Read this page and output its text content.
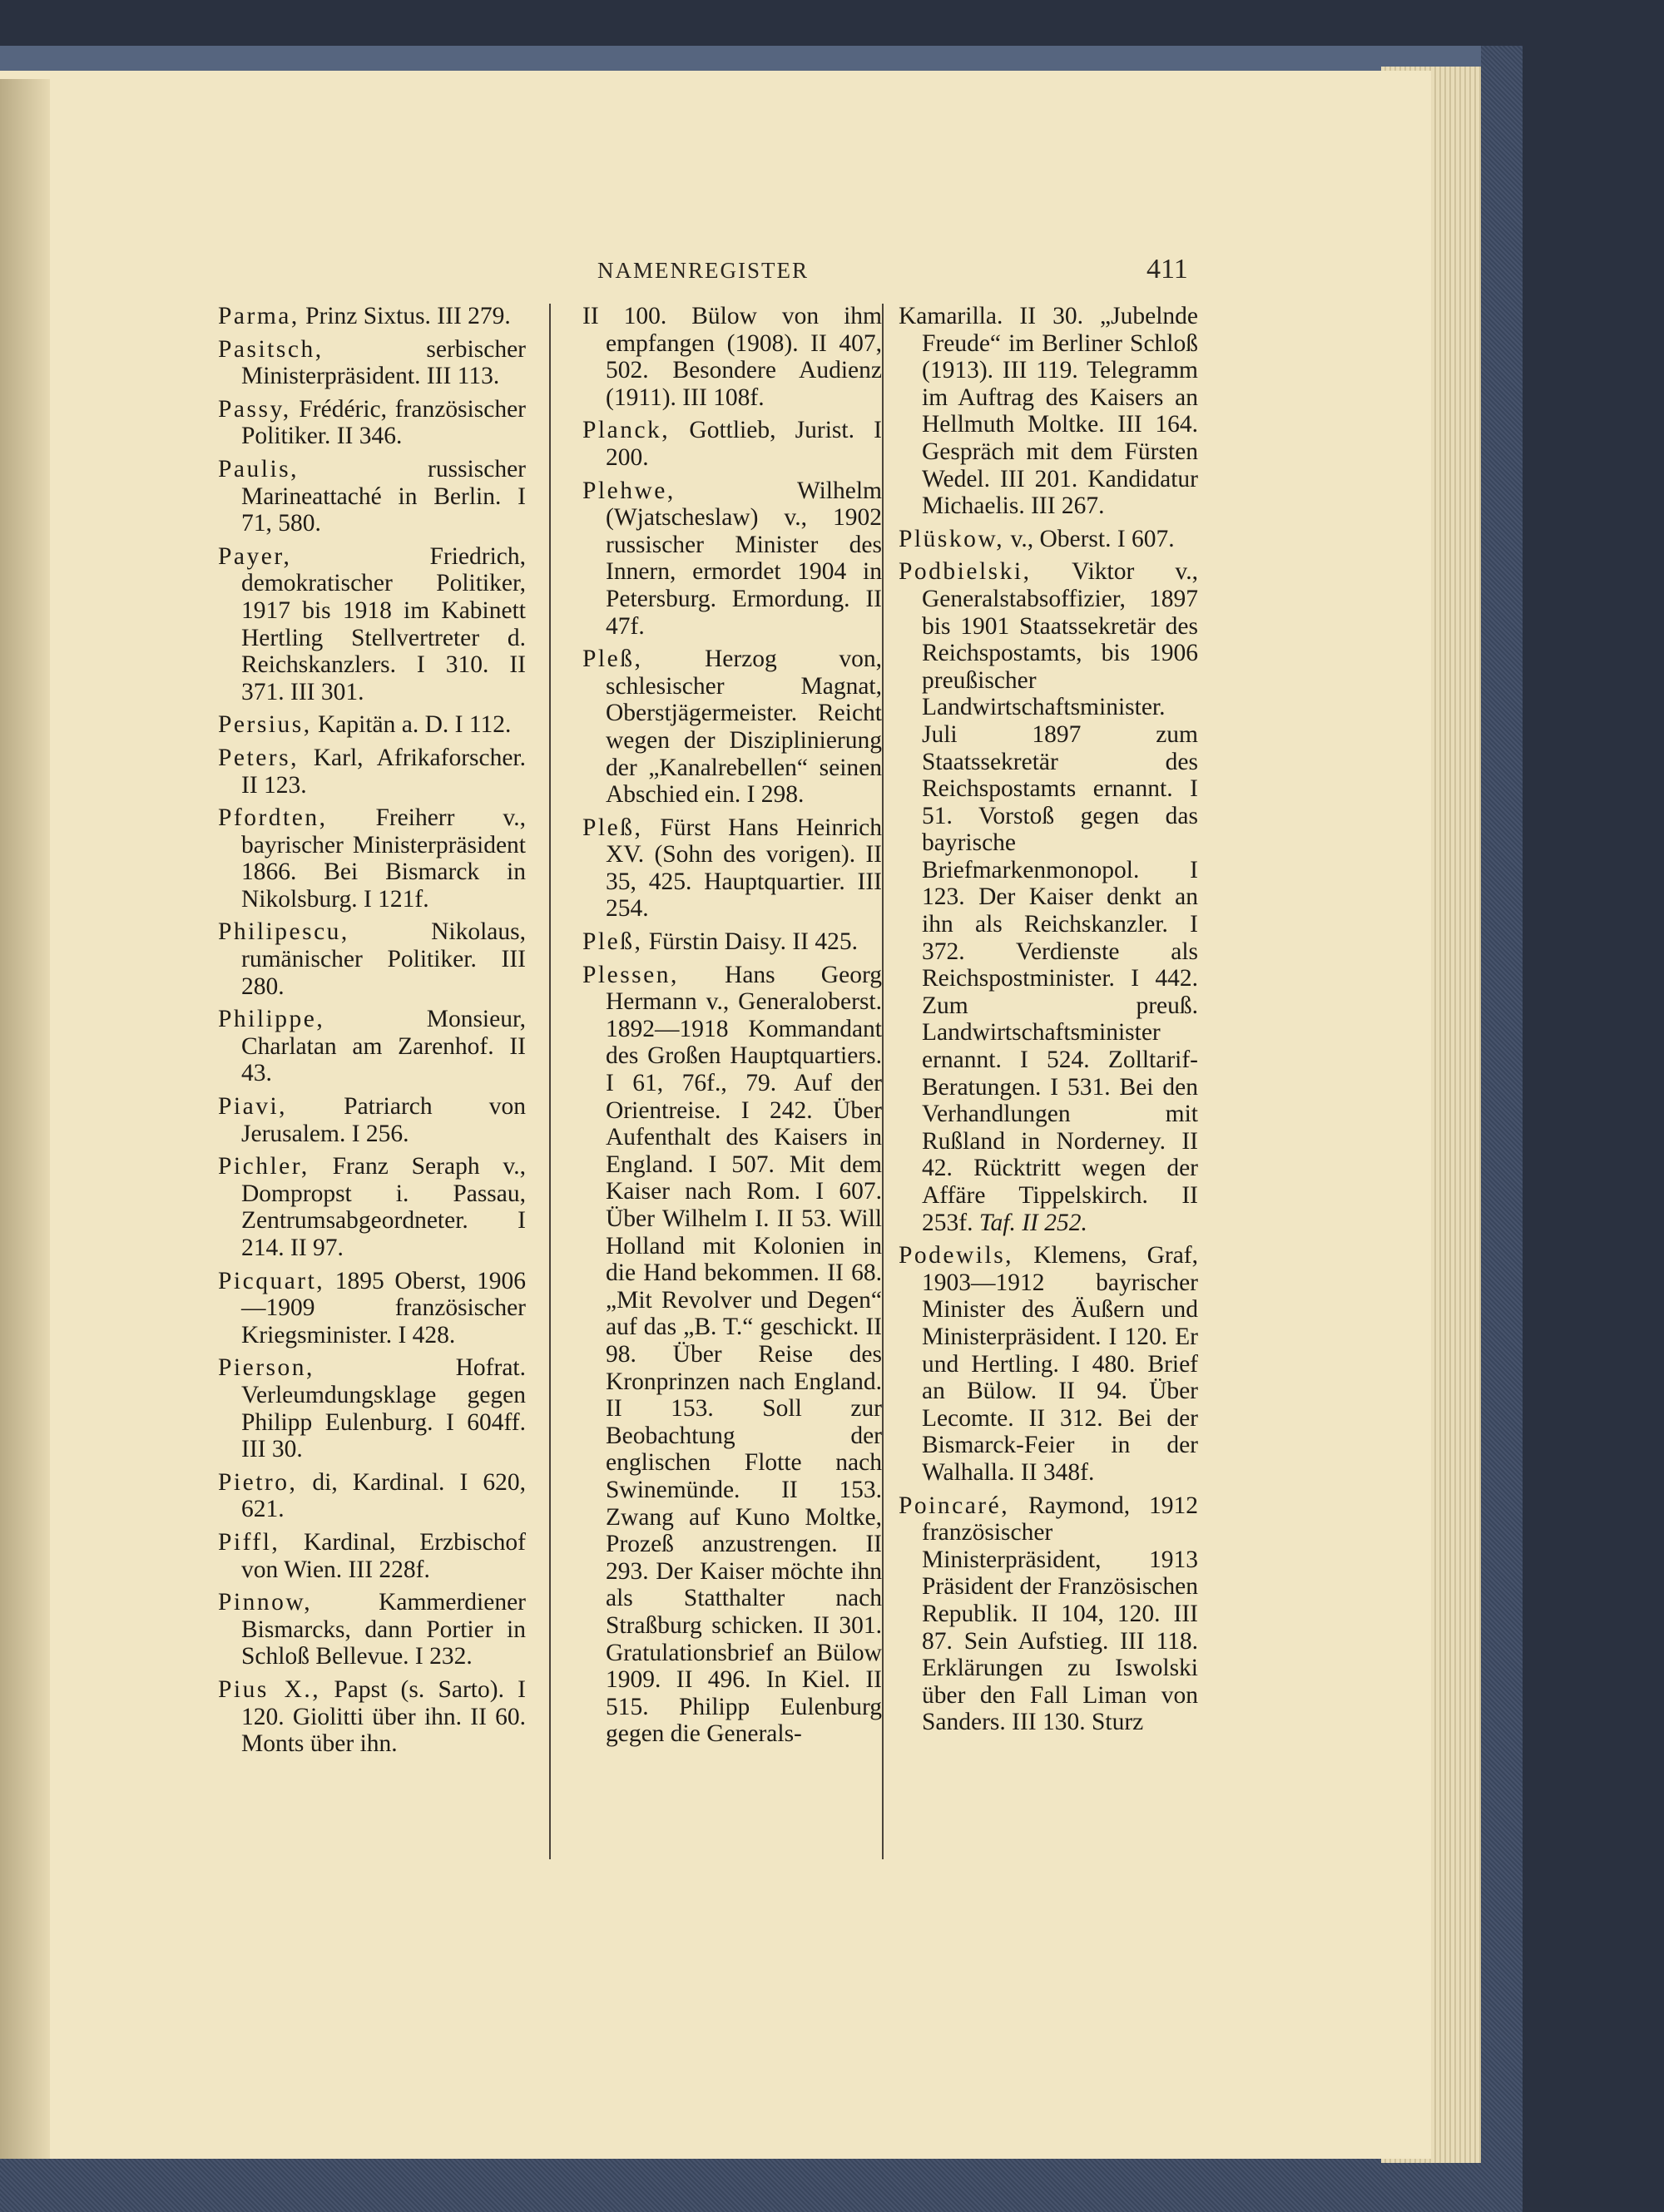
NAMENREGISTER	411
Parma, Prinz Sixtus. III 279.
Pasitsch,	serbischer Ministerpräsident. III 113.
Passy, Frédéric, französischer Politiker. II 346.
Paulis,	russischer Marineattaché in Berlin. I 71, 580.
Payer,	Friedrich, demokratischer Politiker, 1917 bis 1918 im Kabinett Hertling Stellvertreter d. Reichskanzlers. I 310. II 371. III 301.
Persius, Kapitän a. D. I 112.
Peters, Karl, Afrikaforscher. II 123.
Pfordten, Freiherr v., bayrischer Ministerpräsident 1866. Bei Bismarck in Nikolsburg. I 121f.
Philipescu,	Nikolaus, rumänischer Politiker. III 280.
Philippe,	Monsieur, Charlatan am Zarenhof. II 43.
Piavi, Patriarch von Jerusalem. I 256.
Pichler, Franz Seraph v., Dompropst i. Passau, Zentrumsabgeordneter. I 214. II 97.
Picquart, 1895 Oberst, 1906—1909 französischer Kriegsminister. I 428.
Pierson,	Hofrat. Verleumdungsklage gegen Philipp Eulenburg. I 604ff. III 30.
Pietro, di, Kardinal. I 620, 621.
Piffl, Kardinal, Erzbischof von Wien. III 228f.
Pinnow,	Kammerdiener Bismarcks, dann Portier in Schloß Bellevue. I 232.
Pius X., Papst (s. Sarto). I 120. Giolitti über ihn. II 60. Monts über ihn.
II 100. Bülow von ihm empfangen (1908). II 407, 502. Besondere Audienz (1911). III 108f.
Planck, Gottlieb, Jurist. I 200.
Plehwe,	Wilhelm (Wjatscheslaw) v., 1902 russischer Minister des Innern, ermordet 1904 in Petersburg. Ermordung. II 47f.
Pleß,	Herzog von, schlesischer Magnat, Oberstjägermeister. Reicht wegen der Disziplinierung der „Kanalrebellen“ seinen Abschied ein. I 298.
Pleß, Fürst Hans Heinrich XV. (Sohn des vorigen). II 35, 425. Hauptquartier. III 254.
Pleß, Fürstin Daisy. II 425.
Plessen, Hans Georg Hermann v., Generaloberst. 1892—1918 Kommandant des Großen Hauptquartiers. I 61, 76f., 79. Auf der Orientreise. I 242. Über Aufenthalt des Kaisers in England. I 507. Mit dem Kaiser nach Rom. I 607. Über Wilhelm I. II 53. Will Holland mit Kolonien in die Hand bekommen. II 68. „Mit Revolver und Degen“ auf das „B. T.“ geschickt. II 98. Über Reise des Kronprinzen nach England. II 153. Soll zur Beobachtung der englischen Flotte nach Swinemünde. II 153. Zwang auf Kuno Moltke, Prozeß anzustrengen. II 293. Der Kaiser möchte ihn als Statthalter nach Straßburg schicken. II 301. Gratulationsbrief an Bülow 1909. II 496. In Kiel. II 515. Philipp Eulenburg gegen die Generals-
Kamarilla. II 30. „Jubelnde Freude“ im Berliner Schloß (1913). III 119. Telegramm im Auftrag des Kaisers an Hellmuth Moltke. III 164. Gespräch mit dem Fürsten Wedel. III 201. Kandidatur Michaelis. III 267.
Plüskow, v., Oberst. I 607.
Podbielski, Viktor v., Generalstabsoffizier, 1897 bis 1901 Staatssekretär des Reichspostamts, bis 1906 preußischer Landwirtschaftsminister. Juli 1897 zum Staatssekretär des Reichspostamts ernannt. I 51. Vorstoß gegen das bayrische Briefmarkenmonopol. I 123. Der Kaiser denkt an ihn als Reichskanzler. I 372. Verdienste als Reichspostminister. I 442. Zum preuß. Landwirtschaftsminister ernannt. I 524. Zolltarif-Beratungen. I 531. Bei den Verhandlungen mit Rußland in Norderney. II 42. Rücktritt wegen der Affäre Tippelskirch. II 253f. Taf. II 252.
Podewils, Klemens, Graf, 1903—1912 bayrischer Minister des Äußern und Ministerpräsident. I 120. Er und Hertling. I 480. Brief an Bülow. II 94. Über Lecomte. II 312. Bei der Bismarck-Feier in der Walhalla. II 348f.
Poincaré, Raymond, 1912 französischer Ministerpräsident, 1913 Präsident der Französischen Republik. II 104, 120. III 87. Sein Aufstieg. III 118. Erklärungen zu Iswolski über den Fall Liman von Sanders. III 130. Sturz
